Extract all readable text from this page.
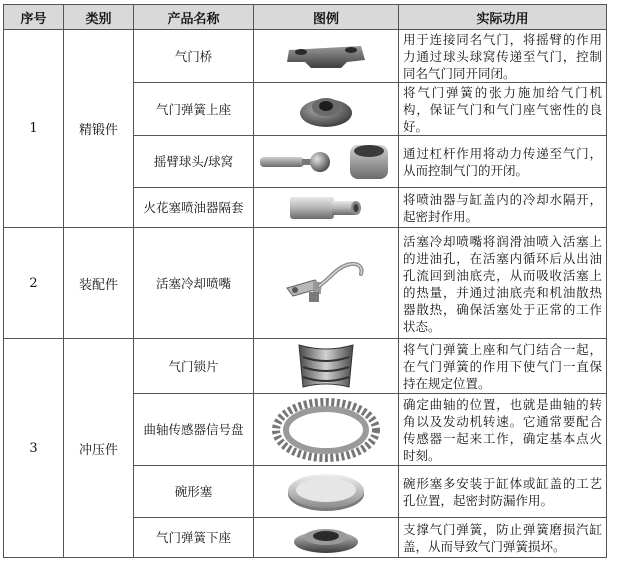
序号	类别	产品名称	图例	实际功用
1	精锻件	气门桥		用于连接同名气门，将摇臂的作用力通过球头球窝传递至气门，控制同名气门同开同闭。
		气门弹簧上座		将气门弹簧的张力施加给气门机构，保证气门和气门座气密性的良好。
		摇臂球头/球窝		通过杠杆作用将动力传递至气门，从而控制气门的开闭。
		火花塞喷油器隔套		将喷油器与缸盖内的冷却水隔开，起密封作用。
2	装配件	活塞冷却喷嘴		活塞冷却喷嘴将润滑油喷入活塞上的进油孔，在活塞内循环后从出油孔流回到油底壳，从而吸收活塞上的热量，并通过油底壳和机油散热器散热，确保活塞处于正常的工作状态。
3	冲压件	气门锁片		将气门弹簧上座和气门结合一起，在气门弹簧的作用下使气门一直保持在规定位置。
		曲轴传感器信号盘		确定曲轴的位置，也就是曲轴的转角以及发动机转速。它通常要配合传感器一起来工作，确定基本点火时刻。
		碗形塞		碗形塞多安装于缸体或缸盖的工艺孔位置，起密封防漏作用。
		气门弹簧下座		支撑气门弹簧，防止弹簧磨损汽缸盖，从而导致气门弹簧损坏。
